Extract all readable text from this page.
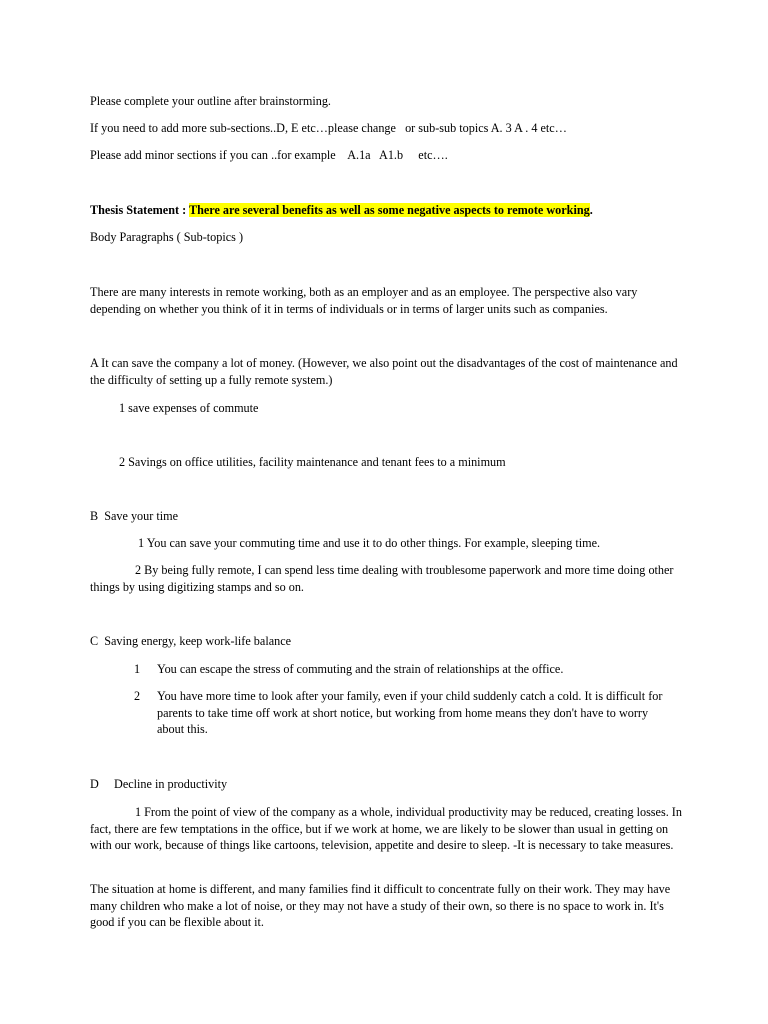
Please complete your outline after brainstorming.

If you need to add more sub-sections..D, E etc…please change   or sub-sub topics A. 3 A . 4 etc…

Please add minor sections if you can ..for example    A.1a   A1.b     etc….

Thesis Statement : There are several benefits as well as some negative aspects to remote working.

Body Paragraphs ( Sub-topics )

There are many interests in remote working, both as an employer and as an employee. The perspective also vary depending on whether you think of it in terms of individuals or in terms of larger units such as companies.

A It can save the company a lot of money. (However, we also point out the disadvantages of the cost of maintenance and the difficulty of setting up a fully remote system.)

1 save expenses of commute

2 Savings on office utilities, facility maintenance and tenant fees to a minimum

B  Save your time

1 You can save your commuting time and use it to do other things. For example, sleeping time.

2 By being fully remote, I can spend less time dealing with troublesome paperwork and more time doing other things by using digitizing stamps and so on.

C  Saving energy, keep work-life balance

1 You can escape the stress of commuting and the strain of relationships at the office.
2 You have more time to look after your family, even if your child suddenly catch a cold. It is difficult for parents to take time off work at short notice, but working from home means they don't have to worry about this.

D     Decline in productivity

1 From the point of view of the company as a whole, individual productivity may be reduced, creating losses. In fact, there are few temptations in the office, but if we work at home, we are likely to be slower than usual in getting on with our work, because of things like cartoons, television, appetite and desire to sleep. -It is necessary to take measures.

The situation at home is different, and many families find it difficult to concentrate fully on their work. They may have many children who make a lot of noise, or they may not have a study of their own, so there is no space to work in. It's good if you can be flexible about it.
